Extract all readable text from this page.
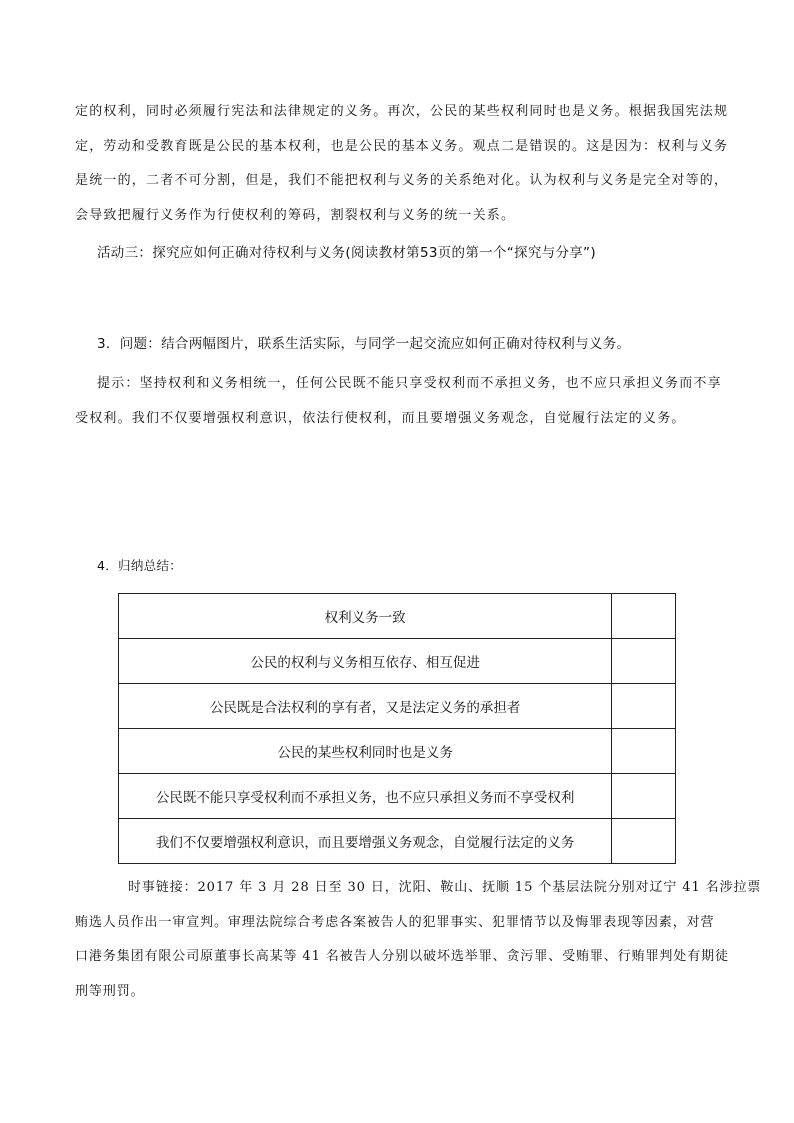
定的权利，同时必须履行宪法和法律规定的义务。再次，公民的某些权利同时也是义务。根据我国宪法规
定，劳动和受教育既是公民的基本权利，也是公民的基本义务。观点二是错误的。这是因为：权利与义务
是统一的，二者不可分割，但是，我们不能把权利与义务的关系绝对化。认为权利与义务是完全对等的，
会导致把履行义务作为行使权利的筹码，割裂权利与义务的统一关系。

活动三：探究应如何正确对待权利与义务(阅读教材第53页的第一个“探究与分享”)

3．问题：结合两幅图片，联系生活实际，与同学一起交流应如何正确对待权利与义务。

提示：坚持权利和义务相统一，任何公民既不能只享受权利而不承担义务，也不应只承担义务而不享
受权利。我们不仅要增强权利意识，依法行使权利，而且要增强义务观念，自觉履行法定的义务。

4．归纳总结：

权利义务一致	
公民的权利与义务相互依存、相互促进	
公民既是合法权利的享有者，又是法定义务的承担者	
公民的某些权利同时也是义务	
公民既不能只享受权利而不承担义务，也不应只承担义务而不享受权利	
我们不仅要增强权利意识，而且要增强义务观念，自觉履行法定的义务	
时事链接：2017 年 3 月 28 日至 30 日，沈阳、鞍山、抚顺 15 个基层法院分别对辽宁 41 名涉拉票
贿选人员作出一审宣判。审理法院综合考虑各案被告人的犯罪事实、犯罪情节以及悔罪表现等因素，对营
口港务集团有限公司原董事长高某等 41 名被告人分别以破坏选举罪、贪污罪、受贿罪、行贿罪判处有期徒
刑等刑罚。
